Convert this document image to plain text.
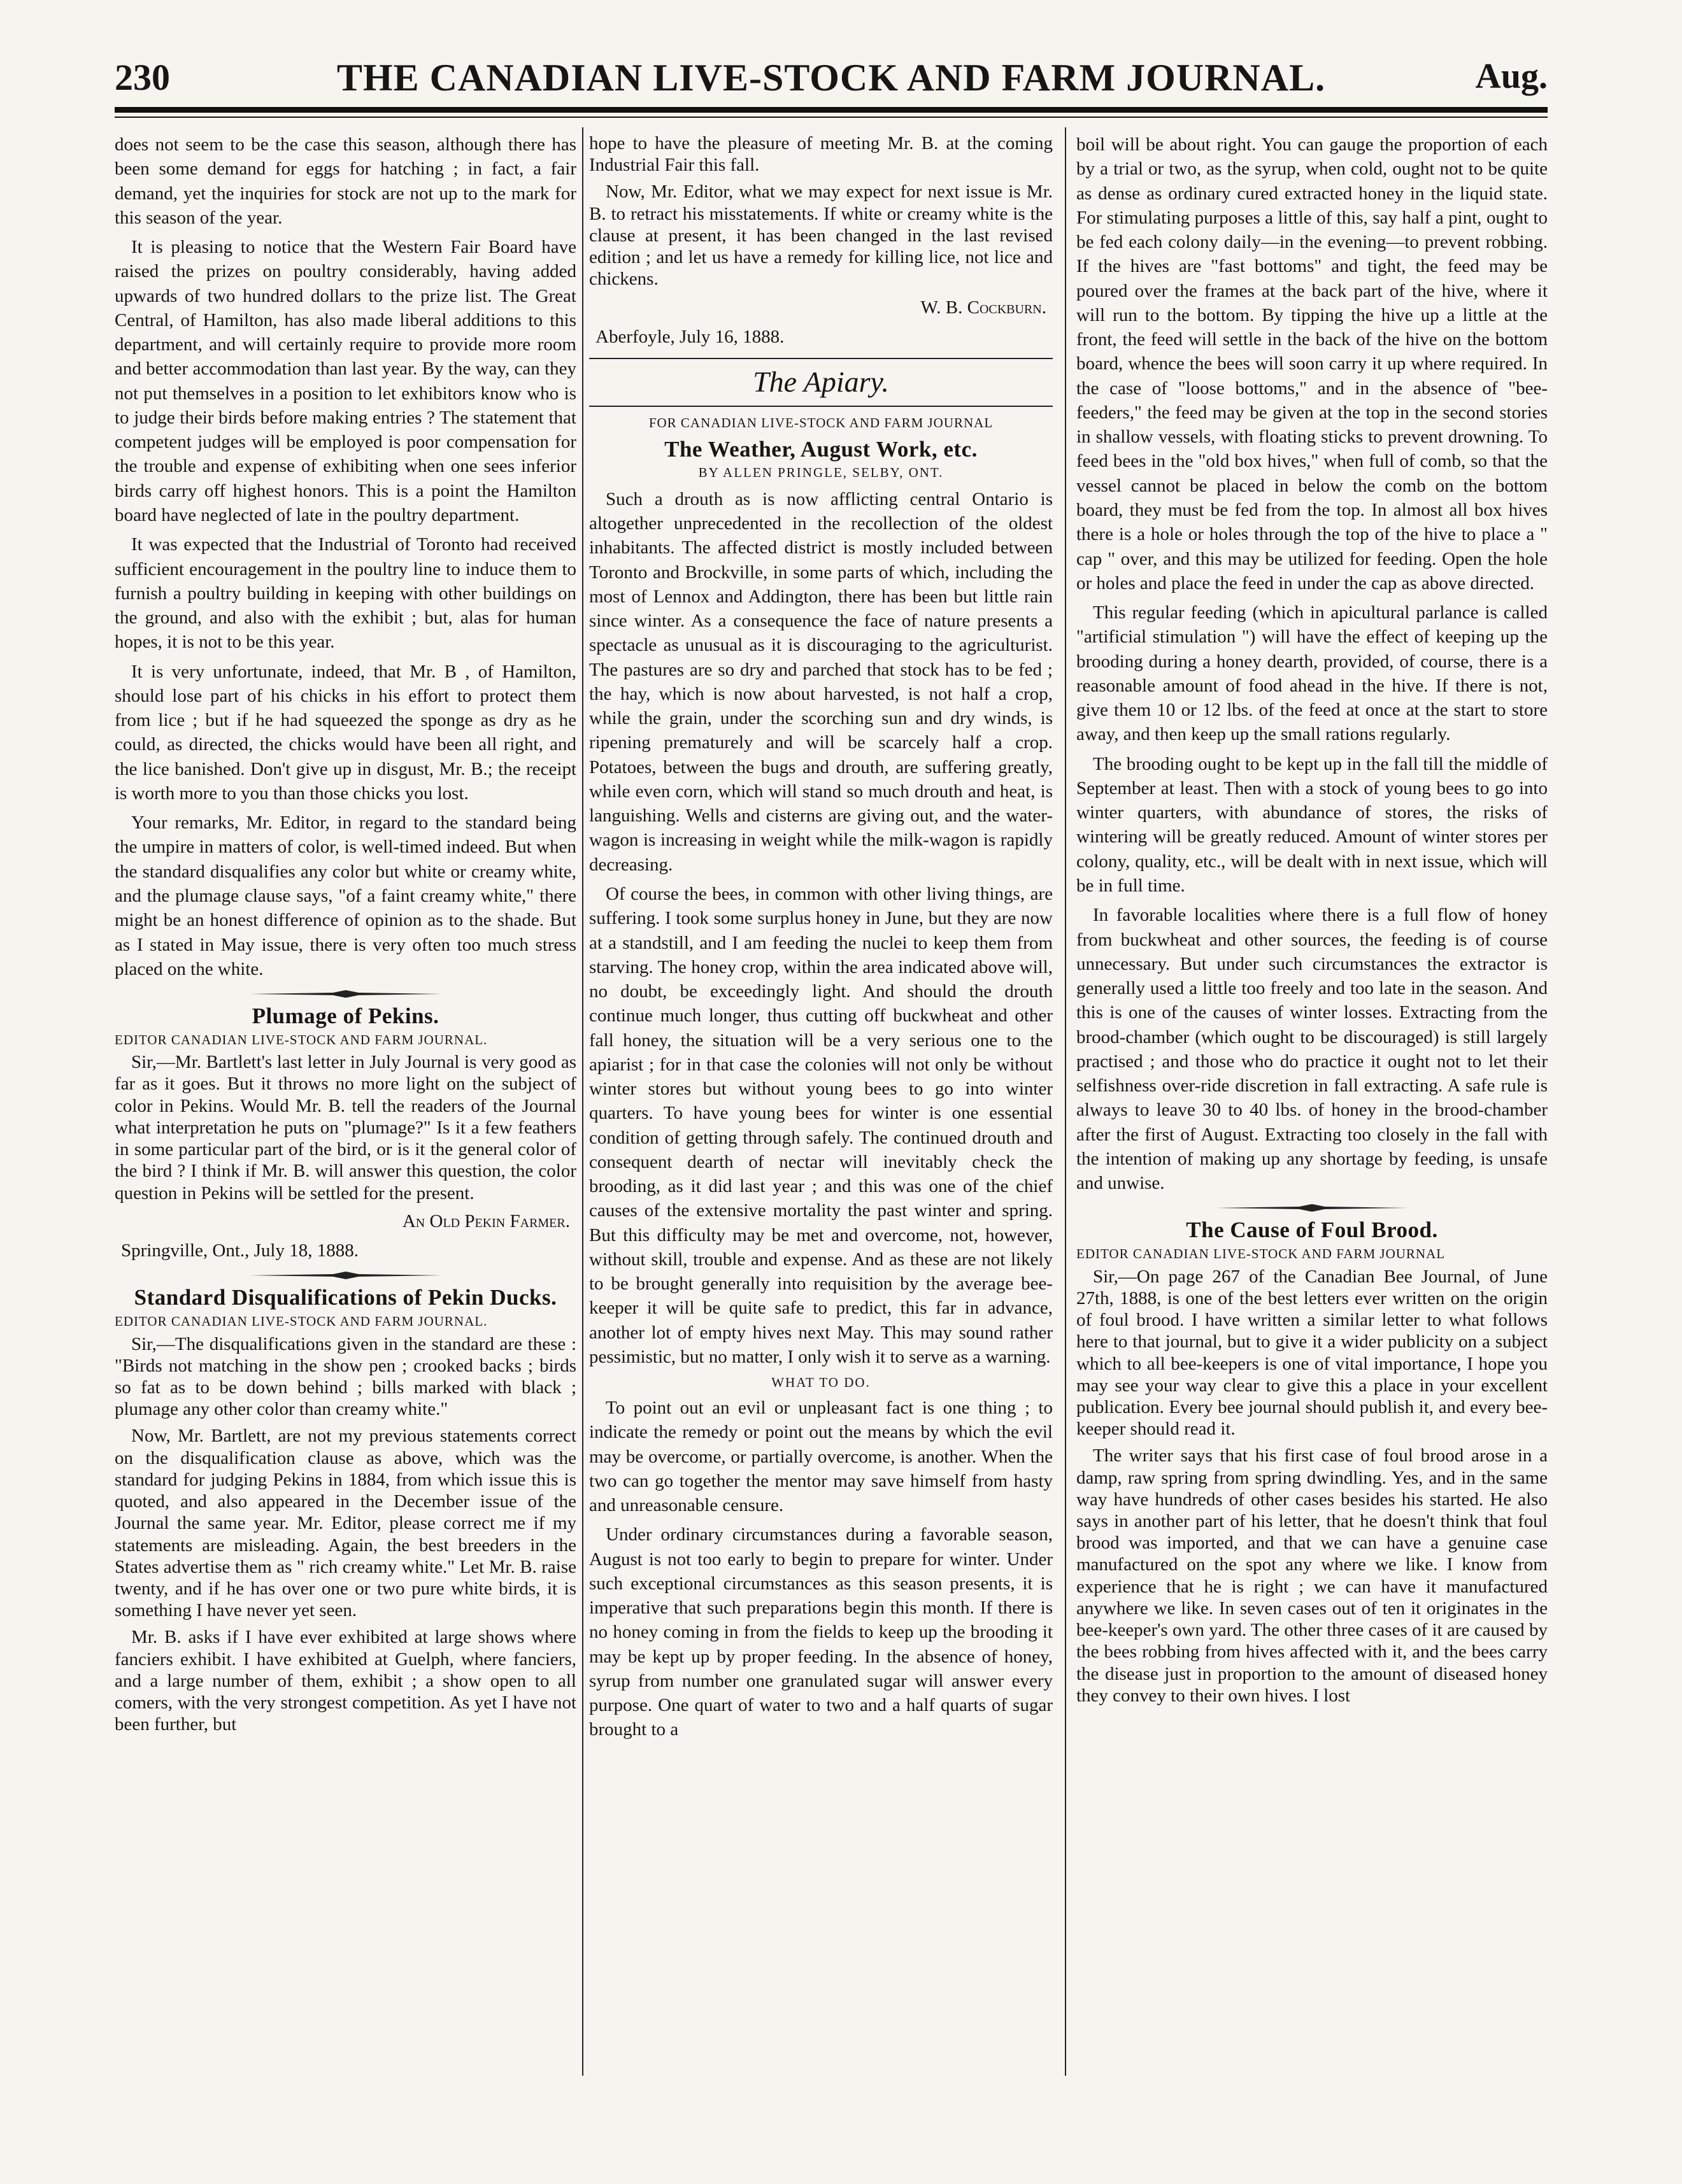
230	THE CANADIAN LIVE-STOCK AND FARM JOURNAL.	Aug.

does not seem to be the case this season, although there has been some demand for eggs for hatching ; in fact, a fair demand, yet the inquiries for stock are not up to the mark for this season of the year.

It is pleasing to notice that the Western Fair Board have raised the prizes on poultry considerably, having added upwards of two hundred dollars to the prize list. The Great Central, of Hamilton, has also made liberal additions to this department, and will certainly require to provide more room and better accommodation than last year. By the way, can they not put themselves in a position to let exhibitors know who is to judge their birds before making entries ? The statement that competent judges will be employed is poor compensation for the trouble and expense of exhibiting when one sees inferior birds carry off highest honors. This is a point the Hamilton board have neglected of late in the poultry department.

It was expected that the Industrial of Toronto had received sufficient encouragement in the poultry line to induce them to furnish a poultry building in keeping with other buildings on the ground, and also with the exhibit ; but, alas for human hopes, it is not to be this year.

It is very unfortunate, indeed, that Mr. B , of Hamilton, should lose part of his chicks in his effort to protect them from lice ; but if he had squeezed the sponge as dry as he could, as directed, the chicks would have been all right, and the lice banished. Don't give up in disgust, Mr. B.; the receipt is worth more to you than those chicks you lost.

Your remarks, Mr. Editor, in regard to the standard being the umpire in matters of color, is well-timed indeed. But when the standard disqualifies any color but white or creamy white, and the plumage clause says, "of a faint creamy white," there might be an honest difference of opinion as to the shade. But as I stated in May issue, there is very often too much stress placed on the white.

Plumage of Pekins.

EDITOR CANADIAN LIVE-STOCK AND FARM JOURNAL.

Sir,—Mr. Bartlett's last letter in July Journal is very good as far as it goes. But it throws no more light on the subject of color in Pekins. Would Mr. B. tell the readers of the Journal what interpretation he puts on "plumage?" Is it a few feathers in some particular part of the bird, or is it the general color of the bird ? I think if Mr. B. will answer this question, the color question in Pekins will be settled for the present.

An Old Pekin Farmer.

Springville, Ont., July 18, 1888.

Standard Disqualifications of Pekin Ducks.

EDITOR CANADIAN LIVE-STOCK AND FARM JOURNAL.

Sir,—The disqualifications given in the standard are these : "Birds not matching in the show pen ; crooked backs ; birds so fat as to be down behind ; bills marked with black ; plumage any other color than creamy white."

Now, Mr. Bartlett, are not my previous statements correct on the disqualification clause as above, which was the standard for judging Pekins in 1884, from which issue this is quoted, and also appeared in the December issue of the Journal the same year. Mr. Editor, please correct me if my statements are misleading. Again, the best breeders in the States advertise them as " rich creamy white." Let Mr. B. raise twenty, and if he has over one or two pure white birds, it is something I have never yet seen.

Mr. B. asks if I have ever exhibited at large shows where fanciers exhibit. I have exhibited at Guelph, where fanciers, and a large number of them, exhibit ; a show open to all comers, with the very strongest competition. As yet I have not been further, but

hope to have the pleasure of meeting Mr. B. at the coming Industrial Fair this fall.

Now, Mr. Editor, what we may expect for next issue is Mr. B. to retract his misstatements. If white or creamy white is the clause at present, it has been changed in the last revised edition ; and let us have a remedy for killing lice, not lice and chickens.

W. B. Cockburn.

Aberfoyle, July 16, 1888.

The Apiary.

FOR CANADIAN LIVE-STOCK AND FARM JOURNAL

The Weather, August Work, etc.

BY ALLEN PRINGLE, SELBY, ONT.

Such a drouth as is now afflicting central Ontario is altogether unprecedented in the recollection of the oldest inhabitants. The affected district is mostly included between Toronto and Brockville, in some parts of which, including the most of Lennox and Addington, there has been but little rain since winter. As a consequence the face of nature presents a spectacle as unusual as it is discouraging to the agriculturist. The pastures are so dry and parched that stock has to be fed ; the hay, which is now about harvested, is not half a crop, while the grain, under the scorching sun and dry winds, is ripening prematurely and will be scarcely half a crop. Potatoes, between the bugs and drouth, are suffering greatly, while even corn, which will stand so much drouth and heat, is languishing. Wells and cisterns are giving out, and the water-wagon is increasing in weight while the milk-wagon is rapidly decreasing.

Of course the bees, in common with other living things, are suffering. I took some surplus honey in June, but they are now at a standstill, and I am feeding the nuclei to keep them from starving. The honey crop, within the area indicated above will, no doubt, be exceedingly light. And should the drouth continue much longer, thus cutting off buckwheat and other fall honey, the situation will be a very serious one to the apiarist ; for in that case the colonies will not only be without winter stores but without young bees to go into winter quarters. To have young bees for winter is one essential condition of getting through safely. The continued drouth and consequent dearth of nectar will inevitably check the brooding, as it did last year ; and this was one of the chief causes of the extensive mortality the past winter and spring. But this difficulty may be met and overcome, not, however, without skill, trouble and expense. And as these are not likely to be brought generally into requisition by the average bee-keeper it will be quite safe to predict, this far in advance, another lot of empty hives next May. This may sound rather pessimistic, but no matter, I only wish it to serve as a warning.

WHAT TO DO.

To point out an evil or unpleasant fact is one thing ; to indicate the remedy or point out the means by which the evil may be overcome, or partially overcome, is another. When the two can go together the mentor may save himself from hasty and unreasonable censure.

Under ordinary circumstances during a favorable season, August is not too early to begin to prepare for winter. Under such exceptional circumstances as this season presents, it is imperative that such preparations begin this month. If there is no honey coming in from the fields to keep up the brooding it may be kept up by proper feeding. In the absence of honey, syrup from number one granulated sugar will answer every purpose. One quart of water to two and a half quarts of sugar brought to a

boil will be about right. You can gauge the proportion of each by a trial or two, as the syrup, when cold, ought not to be quite as dense as ordinary cured extracted honey in the liquid state. For stimulating purposes a little of this, say half a pint, ought to be fed each colony daily—in the evening—to prevent robbing. If the hives are "fast bottoms" and tight, the feed may be poured over the frames at the back part of the hive, where it will run to the bottom. By tipping the hive up a little at the front, the feed will settle in the back of the hive on the bottom board, whence the bees will soon carry it up where required. In the case of "loose bottoms," and in the absence of "bee-feeders," the feed may be given at the top in the second stories in shallow vessels, with floating sticks to prevent drowning. To feed bees in the "old box hives," when full of comb, so that the vessel cannot be placed in below the comb on the bottom board, they must be fed from the top. In almost all box hives there is a hole or holes through the top of the hive to place a " cap " over, and this may be utilized for feeding. Open the hole or holes and place the feed in under the cap as above directed.

This regular feeding (which in apicultural parlance is called "artificial stimulation ") will have the effect of keeping up the brooding during a honey dearth, provided, of course, there is a reasonable amount of food ahead in the hive. If there is not, give them 10 or 12 lbs. of the feed at once at the start to store away, and then keep up the small rations regularly.

The brooding ought to be kept up in the fall till the middle of September at least. Then with a stock of young bees to go into winter quarters, with abundance of stores, the risks of wintering will be greatly reduced. Amount of winter stores per colony, quality, etc., will be dealt with in next issue, which will be in full time.

In favorable localities where there is a full flow of honey from buckwheat and other sources, the feeding is of course unnecessary. But under such circumstances the extractor is generally used a little too freely and too late in the season. And this is one of the causes of winter losses. Extracting from the brood-chamber (which ought to be discouraged) is still largely practised ; and those who do practice it ought not to let their selfishness over-ride discretion in fall extracting. A safe rule is always to leave 30 to 40 lbs. of honey in the brood-chamber after the first of August. Extracting too closely in the fall with the intention of making up any shortage by feeding, is unsafe and unwise.

The Cause of Foul Brood.

EDITOR CANADIAN LIVE-STOCK AND FARM JOURNAL

Sir,—On page 267 of the Canadian Bee Journal, of June 27th, 1888, is one of the best letters ever written on the origin of foul brood. I have written a similar letter to what follows here to that journal, but to give it a wider publicity on a subject which to all bee-keepers is one of vital importance, I hope you may see your way clear to give this a place in your excellent publication. Every bee journal should publish it, and every bee-keeper should read it.

The writer says that his first case of foul brood arose in a damp, raw spring from spring dwindling. Yes, and in the same way have hundreds of other cases besides his started. He also says in another part of his letter, that he doesn't think that foul brood was imported, and that we can have a genuine case manufactured on the spot any where we like. I know from experience that he is right ; we can have it manufactured anywhere we like. In seven cases out of ten it originates in the bee-keeper's own yard. The other three cases of it are caused by the bees robbing from hives affected with it, and the bees carry the disease just in proportion to the amount of diseased honey they convey to their own hives. I lost
